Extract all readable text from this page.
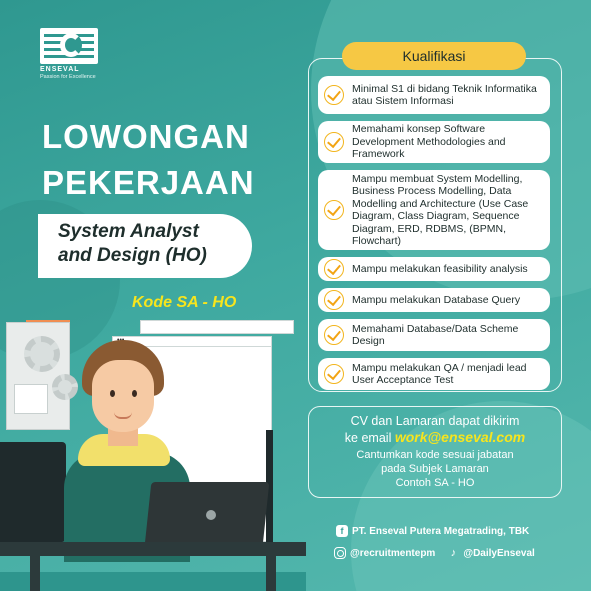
ENSEVAL
Passion for Excellence
LOWONGAN
PEKERJAAN
System Analyst
and Design (HO)
Kode SA - HO
Kualifikasi
Minimal S1 di bidang Teknik Informatika atau Sistem Informasi
Memahami konsep Software Development Methodologies and Framework
Mampu membuat System Modelling, Business Process Modelling, Data Modelling and Architecture (Use Case Diagram, Class Diagram, Sequence Diagram, ERD, RDBMS, (BPMN, Flowchart)
Mampu melakukan feasibility analysis
Mampu melakukan Database Query
Memahami Database/Data Scheme Design
Mampu melakukan QA / menjadi lead User Acceptance Test
CV dan Lamaran dapat dikirim
ke email work@enseval.com
Cantumkan kode sesuai jabatan
pada Subjek Lamaran
Contoh SA - HO
f PT. Enseval Putera Megatrading, TBK
@recruitmentepm ♪ @DailyEnseval
